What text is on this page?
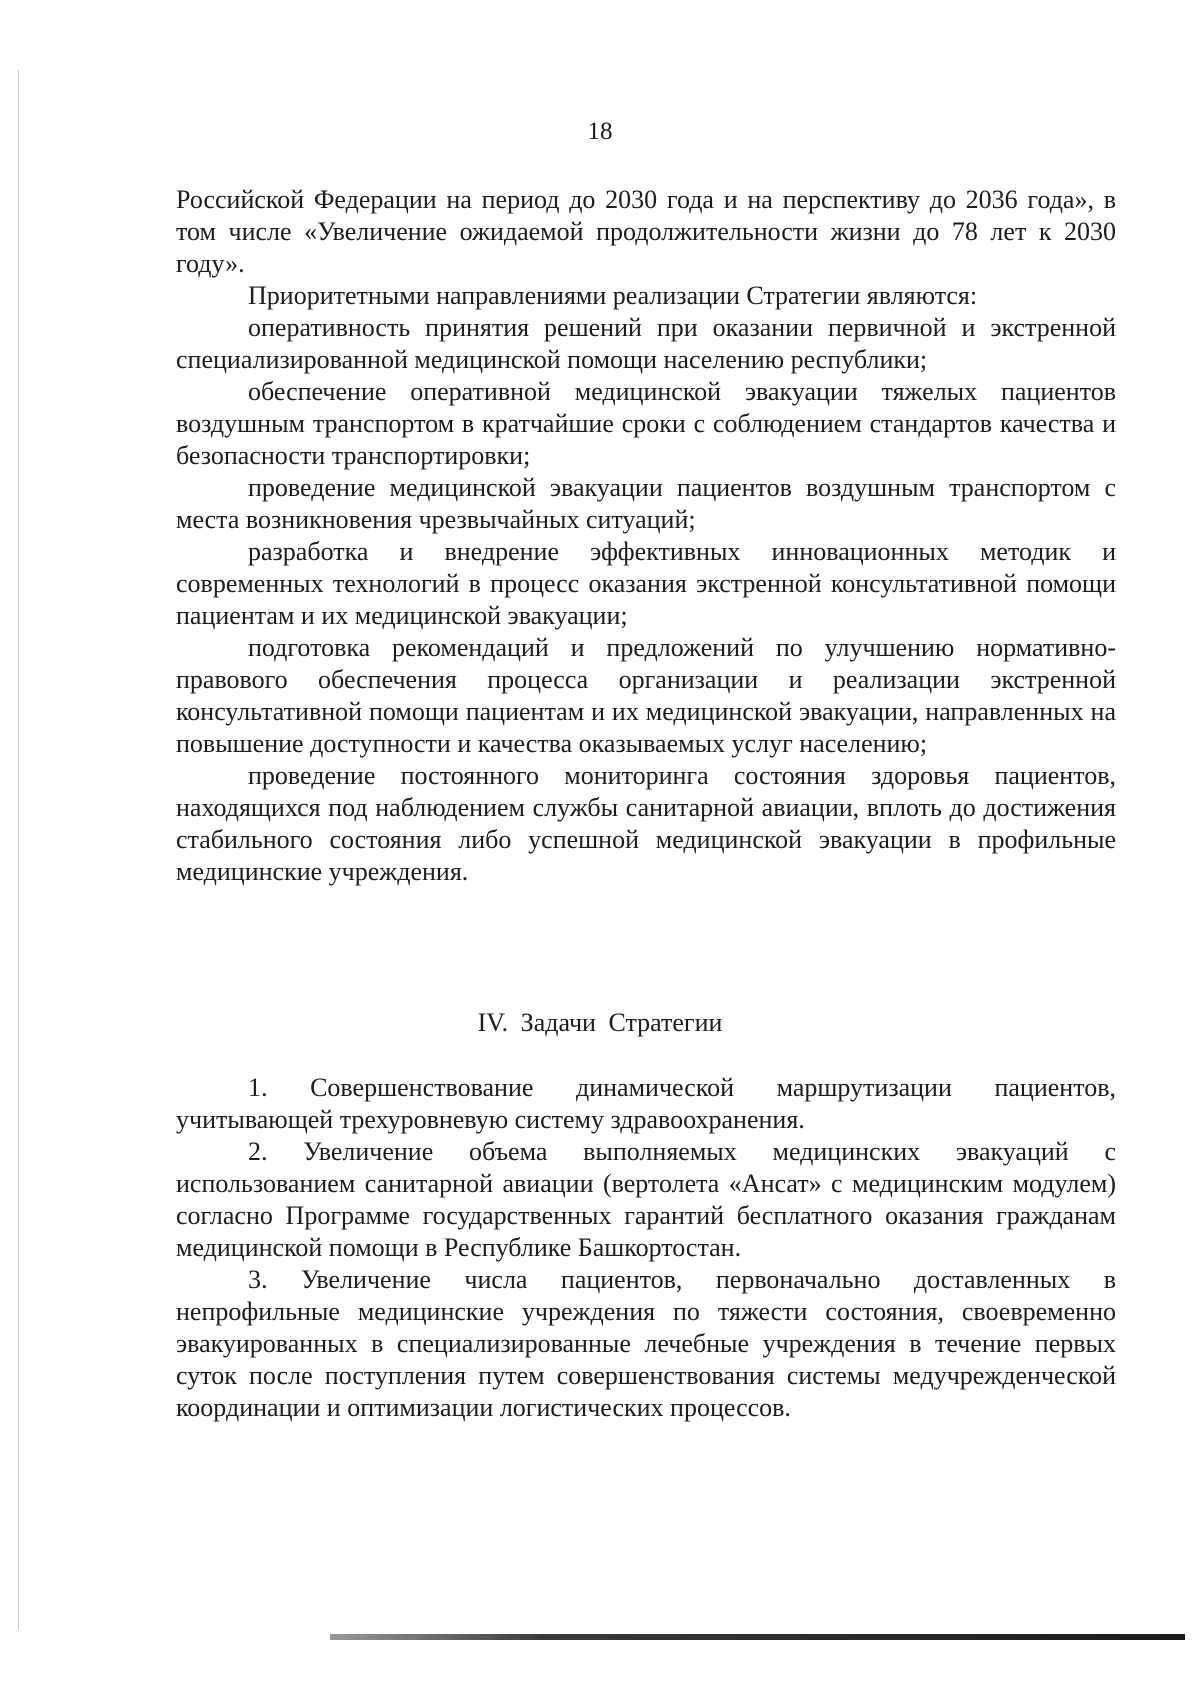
18

Российской Федерации на период до 2030 года и на перспективу до 2036 года», в том числе «Увеличение ожидаемой продолжительности жизни до 78 лет к 2030 году».

Приоритетными направлениями реализации Стратегии являются:

оперативность принятия решений при оказании первичной и экстренной специализированной медицинской помощи населению республики;

обеспечение оперативной медицинской эвакуации тяжелых пациентов воздушным транспортом в кратчайшие сроки с соблюдением стандартов качества и безопасности транспортировки;

проведение медицинской эвакуации пациентов воздушным транспортом с места возникновения чрезвычайных ситуаций;

разработка и внедрение эффективных инновационных методик и современных технологий в процесс оказания экстренной консультативной помощи пациентам и их медицинской эвакуации;

подготовка рекомендаций и предложений по улучшению нормативно-правового обеспечения процесса организации и реализации экстренной консультативной помощи пациентам и их медицинской эвакуации, направленных на повышение доступности и качества оказываемых услуг населению;

проведение постоянного мониторинга состояния здоровья пациентов, находящихся под наблюдением службы санитарной авиации, вплоть до достижения стабильного состояния либо успешной медицинской эвакуации в профильные медицинские учреждения.

IV. Задачи Стратегии

1. Совершенствование динамической маршрутизации пациентов, учитывающей трехуровневую систему здравоохранения.

2. Увеличение объема выполняемых медицинских эвакуаций с использованием санитарной авиации (вертолета «Ансат» с медицинским модулем) согласно Программе государственных гарантий бесплатного оказания гражданам медицинской помощи в Республике Башкортостан.

3. Увеличение числа пациентов, первоначально доставленных в непрофильные медицинские учреждения по тяжести состояния, своевременно эвакуированных в специализированные лечебные учреждения в течение первых суток после поступления путем совершенствования системы медучрежденческой координации и оптимизации логистических процессов.
